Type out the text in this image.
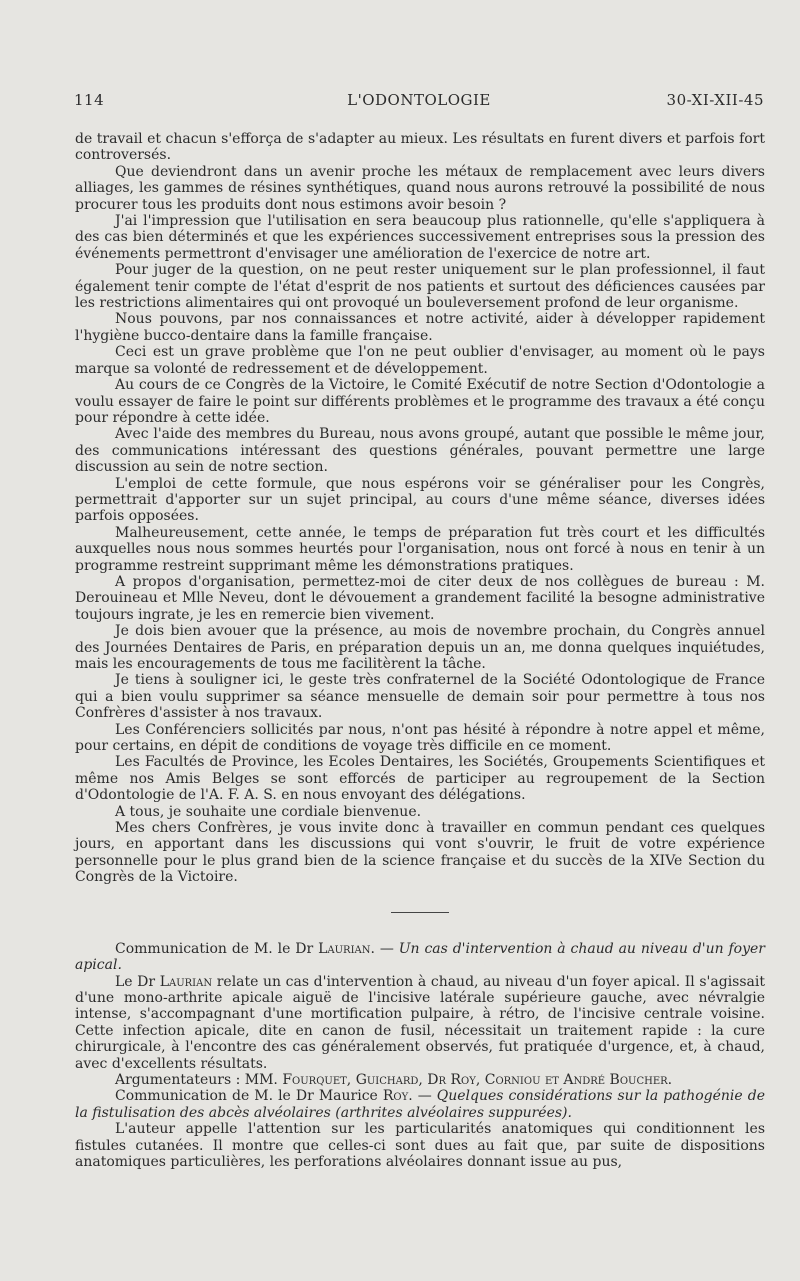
114	L'ODONTOLOGIE	30-XI-XII-45

de travail et chacun s'efforça de s'adapter au mieux. Les résultats en furent divers et parfois fort controversés.

Que deviendront dans un avenir proche les métaux de remplacement avec leurs divers alliages, les gammes de résines synthétiques, quand nous aurons retrouvé la possibilité de nous procurer tous les produits dont nous estimons avoir besoin ?

J'ai l'impression que l'utilisation en sera beaucoup plus rationnelle, qu'elle s'appliquera à des cas bien déterminés et que les expériences successivement entreprises sous la pression des événements permettront d'envisager une amélioration de l'exercice de notre art.

Pour juger de la question, on ne peut rester uniquement sur le plan professionnel, il faut également tenir compte de l'état d'esprit de nos patients et surtout des déficiences causées par les restrictions alimentaires qui ont provoqué un bouleversement profond de leur organisme.

Nous pouvons, par nos connaissances et notre activité, aider à développer rapidement l'hygiène bucco-dentaire dans la famille française.

Ceci est un grave problème que l'on ne peut oublier d'envisager, au moment où le pays marque sa volonté de redressement et de développement.

Au cours de ce Congrès de la Victoire, le Comité Exécutif de notre Section d'Odontologie a voulu essayer de faire le point sur différents problèmes et le programme des travaux a été conçu pour répondre à cette idée.

Avec l'aide des membres du Bureau, nous avons groupé, autant que possible le même jour, des communications intéressant des questions générales, pouvant permettre une large discussion au sein de notre section.

L'emploi de cette formule, que nous espérons voir se généraliser pour les Congrès, permettrait d'apporter sur un sujet principal, au cours d'une même séance, diverses idées parfois opposées.

Malheureusement, cette année, le temps de préparation fut très court et les difficultés auxquelles nous nous sommes heurtés pour l'organisation, nous ont forcé à nous en tenir à un programme restreint supprimant même les démonstrations pratiques.

A propos d'organisation, permettez-moi de citer deux de nos collègues de bureau : M. Derouineau et Mlle Neveu, dont le dévouement a grandement facilité la besogne administrative toujours ingrate, je les en remercie bien vivement.

Je dois bien avouer que la présence, au mois de novembre prochain, du Congrès annuel des Journées Dentaires de Paris, en préparation depuis un an, me donna quelques inquiétudes, mais les encouragements de tous me facilitèrent la tâche.

Je tiens à souligner ici, le geste très confraternel de la Société Odontologique de France qui a bien voulu supprimer sa séance mensuelle de demain soir pour permettre à tous nos Confrères d'assister à nos travaux.

Les Conférenciers sollicités par nous, n'ont pas hésité à répondre à notre appel et même, pour certains, en dépit de conditions de voyage très difficile en ce moment.

Les Facultés de Province, les Ecoles Dentaires, les Sociétés, Groupements Scientifiques et même nos Amis Belges se sont efforcés de participer au regroupement de la Section d'Odontologie de l'A. F. A. S. en nous envoyant des délégations.

A tous, je souhaite une cordiale bienvenue.

Mes chers Confrères, je vous invite donc à travailler en commun pendant ces quelques jours, en apportant dans les discussions qui vont s'ouvrir, le fruit de votre expérience personnelle pour le plus grand bien de la science française et du succès de la XIVe Section du Congrès de la Victoire.

Communication de M. le Dr Laurian. — Un cas d'intervention à chaud au niveau d'un foyer apical.

Le Dr Laurian relate un cas d'intervention à chaud, au niveau d'un foyer apical. Il s'agissait d'une mono-arthrite apicale aiguë de l'incisive latérale supérieure gauche, avec névralgie intense, s'accompagnant d'une mortification pulpaire, à rétro, de l'incisive centrale voisine. Cette infection apicale, dite en canon de fusil, nécessitait un traitement rapide : la cure chirurgicale, à l'encontre des cas généralement observés, fut pratiquée d'urgence, et, à chaud, avec d'excellents résultats.

Argumentateurs : MM. Fourquet, Guichard, Dr Roy, Corniou et André Boucher.

Communication de M. le Dr Maurice Roy. — Quelques considérations sur la pathogénie de la fistulisation des abcès alvéolaires (arthrites alvéolaires suppurées).

L'auteur appelle l'attention sur les particularités anatomiques qui conditionnent les fistules cutanées. Il montre que celles-ci sont dues au fait que, par suite de dispositions anatomiques particulières, les perforations alvéolaires donnant issue au pus,
